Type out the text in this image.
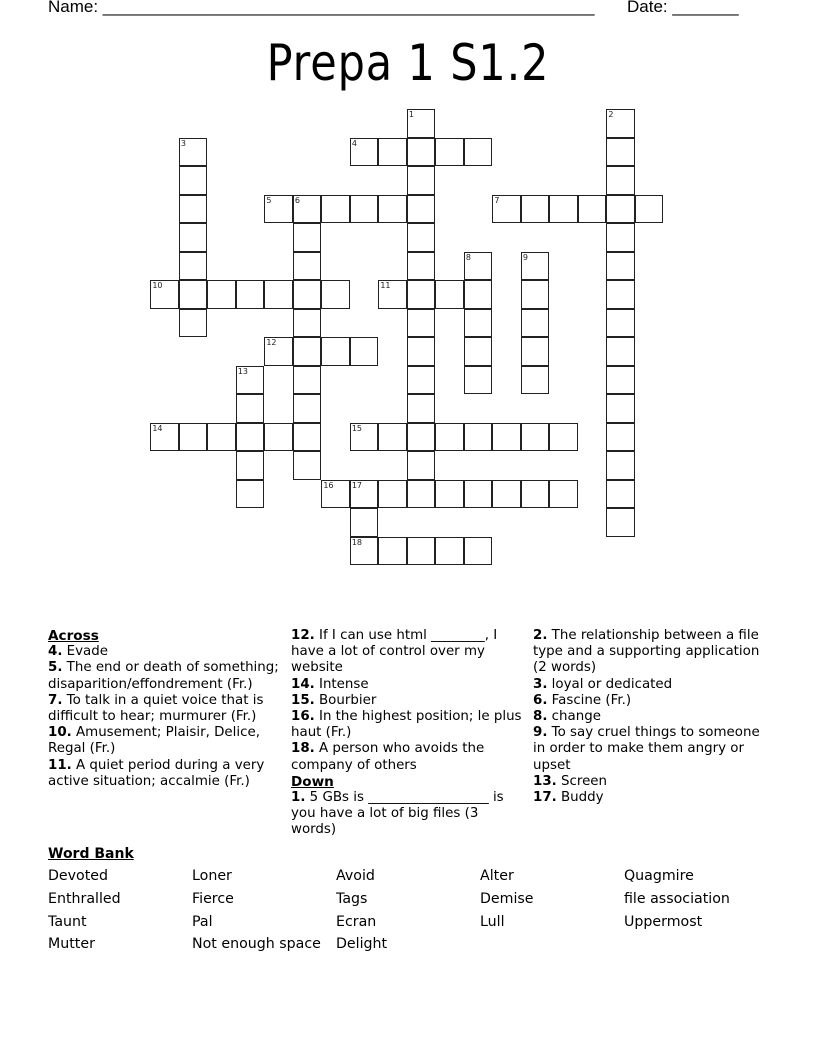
Name: ____________________________________________________ Date: _______
Prepa 1 S1.2
1	2
3	4
5	6	7
8	9
10	11
12
13
14	15
16 17
18
Across
4. Evade
5. The end or death of something; disaparition/effondrement (Fr.)
7. To talk in a quiet voice that is difficult to hear; murmurer (Fr.)
10. Amusement; Plaisir, Delice, Regal (Fr.)
11. A quiet period during a very active situation; accalmie (Fr.)
12. If I can use html ________, I have a lot of control over my website
14. Intense
15. Bourbier
16. In the highest position; le plus haut (Fr.)
18. A person who avoids the company of others
Down
1. 5 GBs is __________________ is you have a lot of big files (3 words)
2. The relationship between a file type and a supporting application (2 words)
3. loyal or dedicated
6. Fascine (Fr.)
8. change
9. To say cruel things to someone in order to make them angry or upset
13. Screen
17. Buddy
Word Bank
Devoted
Enthralled
Taunt
Mutter
Loner
Fierce
Pal
Not enough space
Avoid
Tags
Ecran
Delight
Alter
Demise
Lull
Quagmire
file association
Uppermost
